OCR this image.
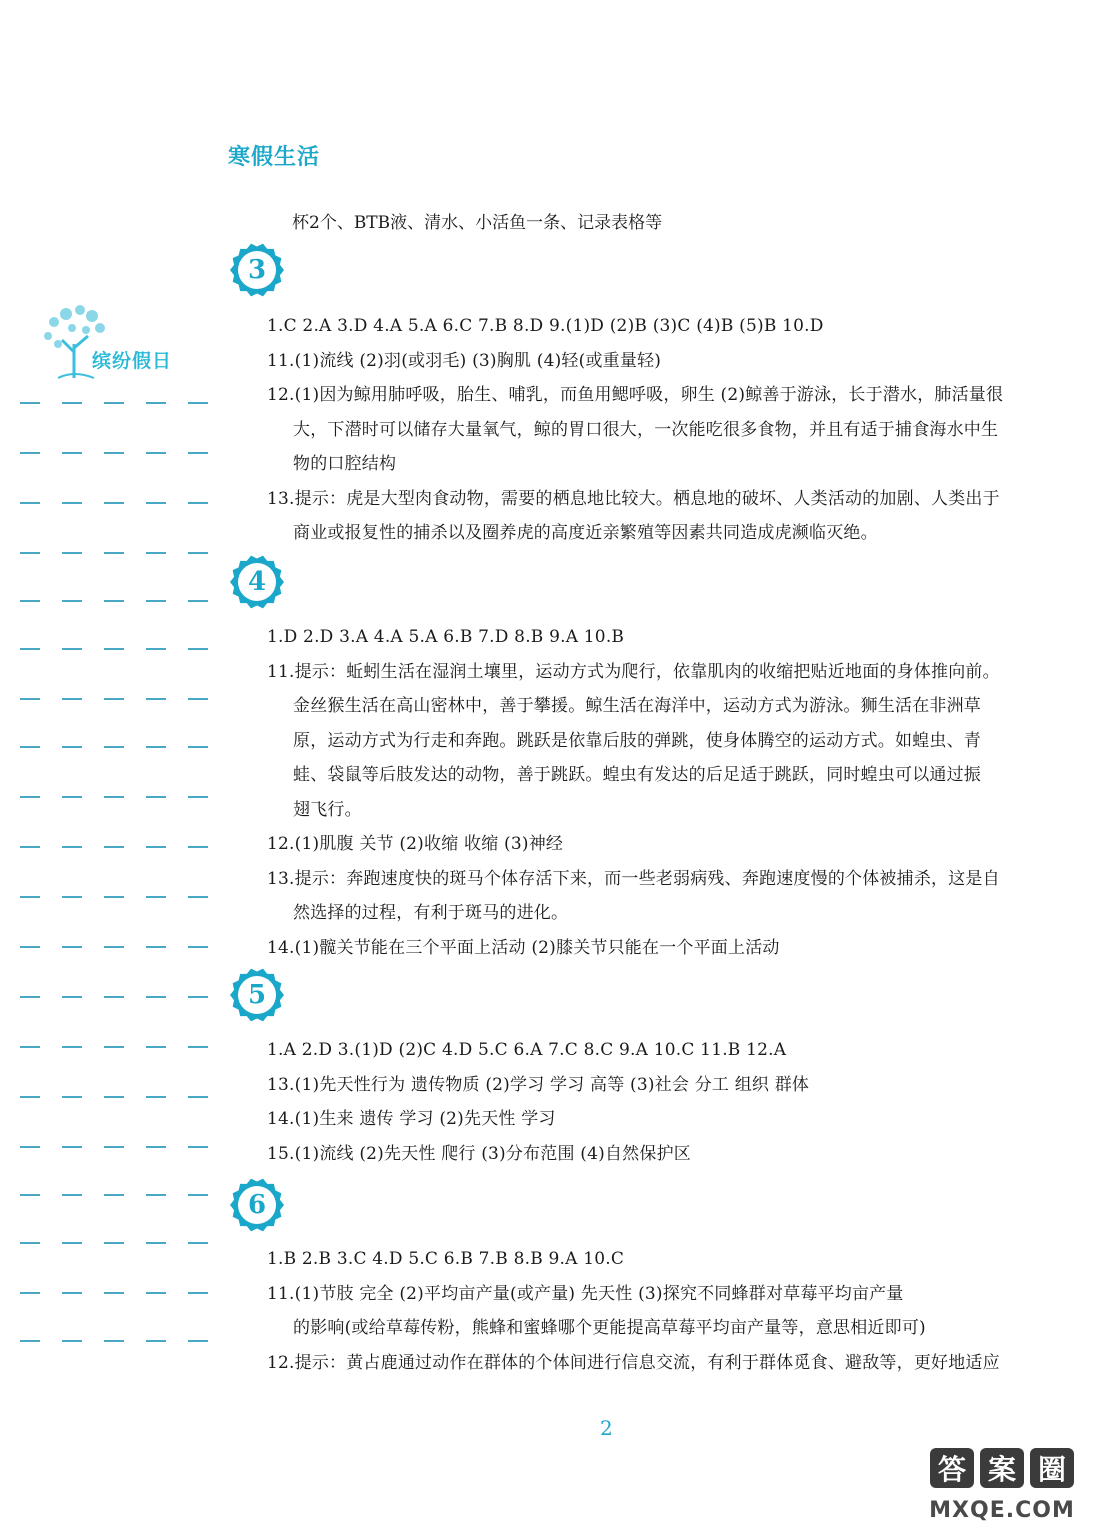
寒假生活
缤纷假日
杯2个、BTB液、清水、小活鱼一条、记录表格等
3
1.C 2.A 3.D 4.A 5.A 6.C 7.B 8.D 9.(1)D (2)B (3)C (4)B (5)B 10.D
11.(1)流线 (2)羽(或羽毛) (3)胸肌 (4)轻(或重量轻)
12.(1)因为鲸用肺呼吸，胎生、哺乳，而鱼用鳃呼吸，卵生 (2)鲸善于游泳，长于潜水，肺活量很
大，下潜时可以储存大量氧气，鲸的胃口很大，一次能吃很多食物，并且有适于捕食海水中生
物的口腔结构
13.提示：虎是大型肉食动物，需要的栖息地比较大。栖息地的破坏、人类活动的加剧、人类出于
商业或报复性的捕杀以及圈养虎的高度近亲繁殖等因素共同造成虎濒临灭绝。
4
1.D 2.D 3.A 4.A 5.A 6.B 7.D 8.B 9.A 10.B
11.提示：蚯蚓生活在湿润土壤里，运动方式为爬行，依靠肌肉的收缩把贴近地面的身体推向前。
金丝猴生活在高山密林中，善于攀援。鲸生活在海洋中，运动方式为游泳。狮生活在非洲草
原，运动方式为行走和奔跑。跳跃是依靠后肢的弹跳，使身体腾空的运动方式。如蝗虫、青
蛙、袋鼠等后肢发达的动物，善于跳跃。蝗虫有发达的后足适于跳跃，同时蝗虫可以通过振
翅飞行。
12.(1)肌腹 关节 (2)收缩 收缩 (3)神经
13.提示：奔跑速度快的斑马个体存活下来，而一些老弱病残、奔跑速度慢的个体被捕杀，这是自
然选择的过程，有利于斑马的进化。
14.(1)髋关节能在三个平面上活动 (2)膝关节只能在一个平面上活动
5
1.A 2.D 3.(1)D (2)C 4.D 5.C 6.A 7.C 8.C 9.A 10.C 11.B 12.A
13.(1)先天性行为 遗传物质 (2)学习 学习 高等 (3)社会 分工 组织 群体
14.(1)生来 遗传 学习 (2)先天性 学习
15.(1)流线 (2)先天性 爬行 (3)分布范围 (4)自然保护区
6
1.B 2.B 3.C 4.D 5.C 6.B 7.B 8.B 9.A 10.C
11.(1)节肢 完全 (2)平均亩产量(或产量) 先天性 (3)探究不同蜂群对草莓平均亩产量
的影响(或给草莓传粉，熊蜂和蜜蜂哪个更能提高草莓平均亩产量等，意思相近即可)
12.提示：黄占鹿通过动作在群体的个体间进行信息交流，有利于群体觅食、避敌等，更好地适应
2
答 案 圈
MXQE.COM
